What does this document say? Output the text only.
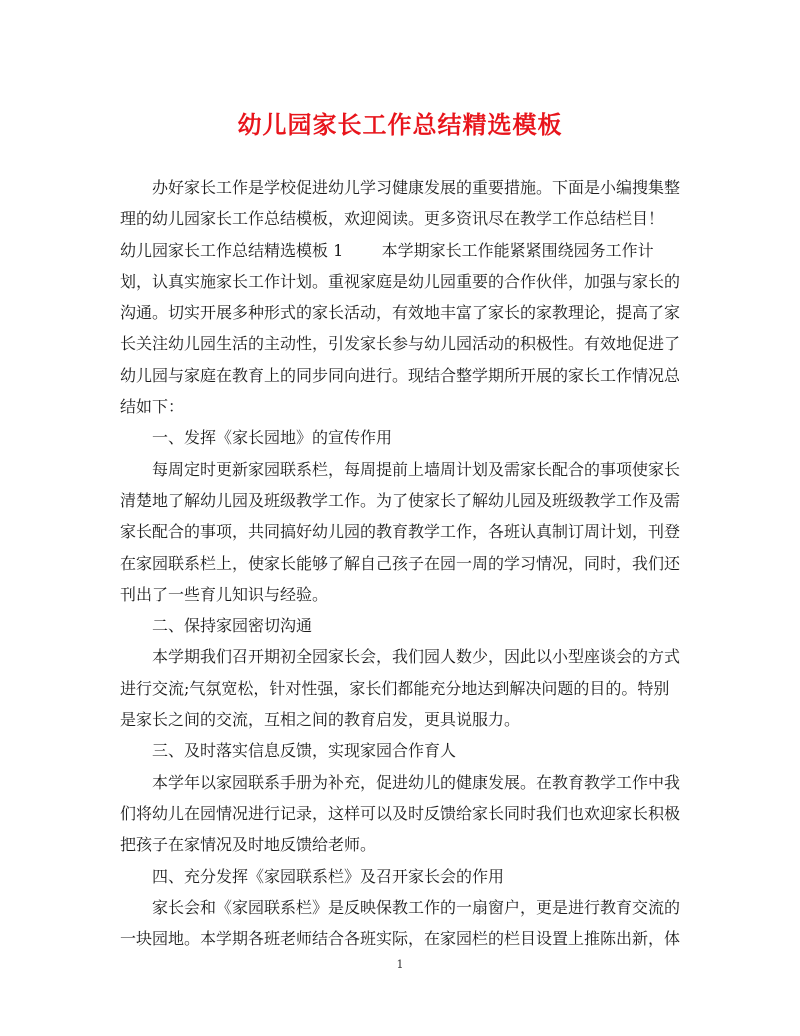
幼儿园家长工作总结精选模板

办好家长工作是学校促进幼儿学习健康发展的重要措施。下面是小编搜集整理的幼儿园家长工作总结模板，欢迎阅读。更多资讯尽在教学工作总结栏目！

幼儿园家长工作总结精选模板 1 本学期家长工作能紧紧围绕园务工作计划，认真实施家长工作计划。重视家庭是幼儿园重要的合作伙伴，加强与家长的沟通。切实开展多种形式的家长活动，有效地丰富了家长的家教理论，提高了家长关注幼儿园生活的主动性，引发家长参与幼儿园活动的积极性。有效地促进了幼儿园与家庭在教育上的同步同向进行。现结合整学期所开展的家长工作情况总结如下：

一、发挥《家长园地》的宣传作用

每周定时更新家园联系栏，每周提前上墙周计划及需家长配合的事项使家长清楚地了解幼儿园及班级教学工作。为了使家长了解幼儿园及班级教学工作及需家长配合的事项，共同搞好幼儿园的教育教学工作，各班认真制订周计划，刊登在家园联系栏上，使家长能够了解自己孩子在园一周的学习情况，同时，我们还刊出了一些育儿知识与经验。

二、保持家园密切沟通

本学期我们召开期初全园家长会，我们园人数少，因此以小型座谈会的方式进行交流;气氛宽松，针对性强，家长们都能充分地达到解决问题的目的。特别是家长之间的交流，互相之间的教育启发，更具说服力。

三、及时落实信息反馈，实现家园合作育人

本学年以家园联系手册为补充，促进幼儿的健康发展。在教育教学工作中我们将幼儿在园情况进行记录，这样可以及时反馈给家长同时我们也欢迎家长积极把孩子在家情况及时地反馈给老师。

四、充分发挥《家园联系栏》及召开家长会的作用

家长会和《家园联系栏》是反映保教工作的一扇窗户，更是进行教育交流的一块园地。本学期各班老师结合各班实际，在家园栏的栏目设置上推陈出新，体

1
